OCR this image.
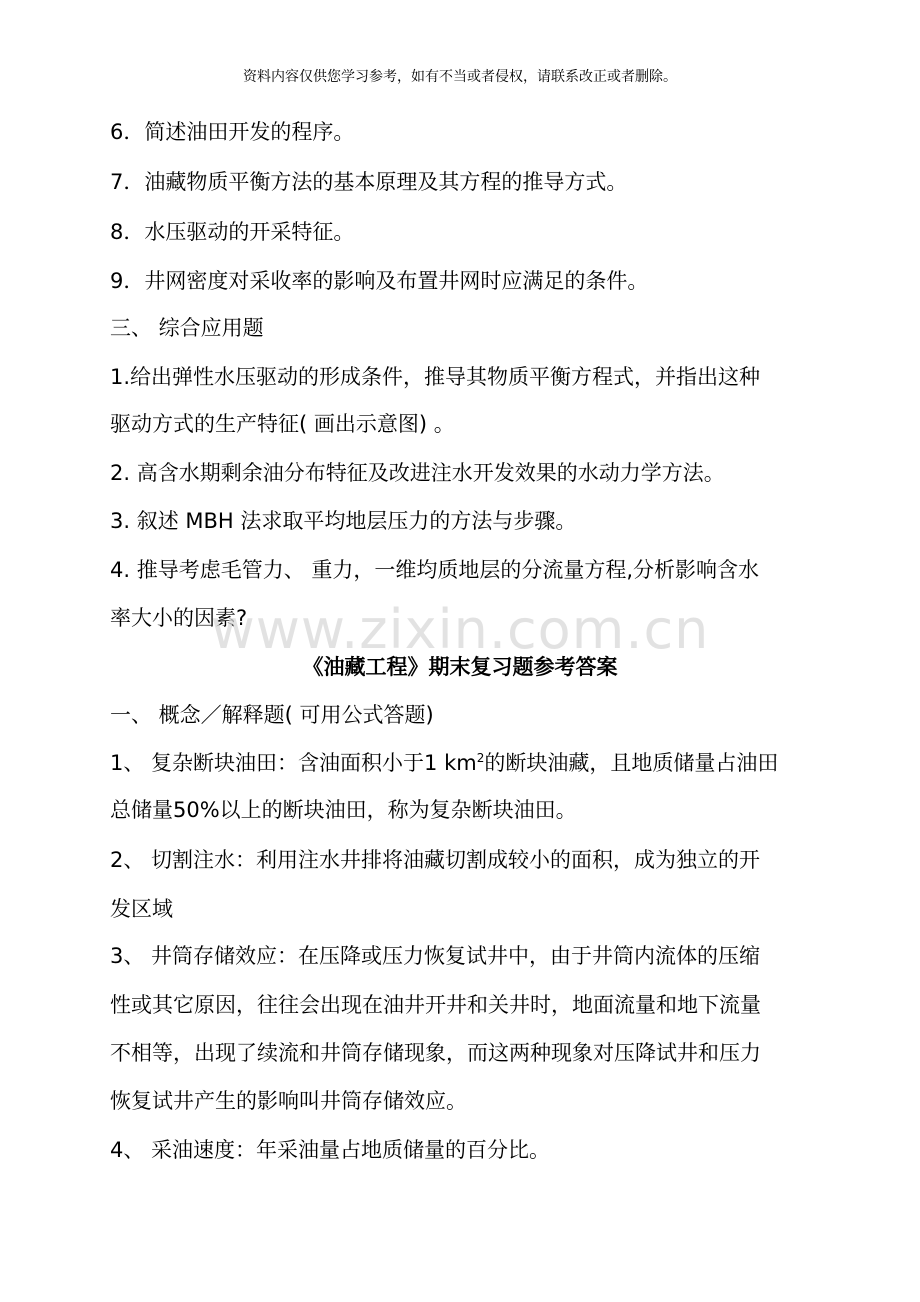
资料内容仅供您学习参考，如有不当或者侵权，请联系改正或者删除。
6．简述油田开发的程序。
7．油藏物质平衡方法的基本原理及其方程的推导方式。
8．水压驱动的开采特征。
9．井网密度对采收率的影响及布置井网时应满足的条件。
三、 综合应用题
1.给出弹性水压驱动的形成条件，推导其物质平衡方程式，并指出这种
驱动方式的生产特征( 画出示意图) 。
2. 高含水期剩余油分布特征及改进注水开发效果的水动力学方法。
3. 叙述 MBH 法求取平均地层压力的方法与步骤。
4. 推导考虑毛管力、 重力，一维均质地层的分流量方程,分析影响含水
率大小的因素?
www.zixin.com.cn
《油藏工程》期末复习题参考答案
一、 概念／解释题( 可用公式答题)
1、 复杂断块油田：含油面积小于1 $km^2$的断块油藏，且地质储量占油田
总储量50%以上的断块油田，称为复杂断块油田。
2、 切割注水：利用注水井排将油藏切割成较小的面积，成为独立的开
发区域
3、 井筒存储效应：在压降或压力恢复试井中，由于井筒内流体的压缩
性或其它原因，往往会出现在油井开井和关井时，地面流量和地下流量
不相等，出现了续流和井筒存储现象，而这两种现象对压降试井和压力
恢复试井产生的影响叫井筒存储效应。
4、 采油速度：年采油量占地质储量的百分比。
